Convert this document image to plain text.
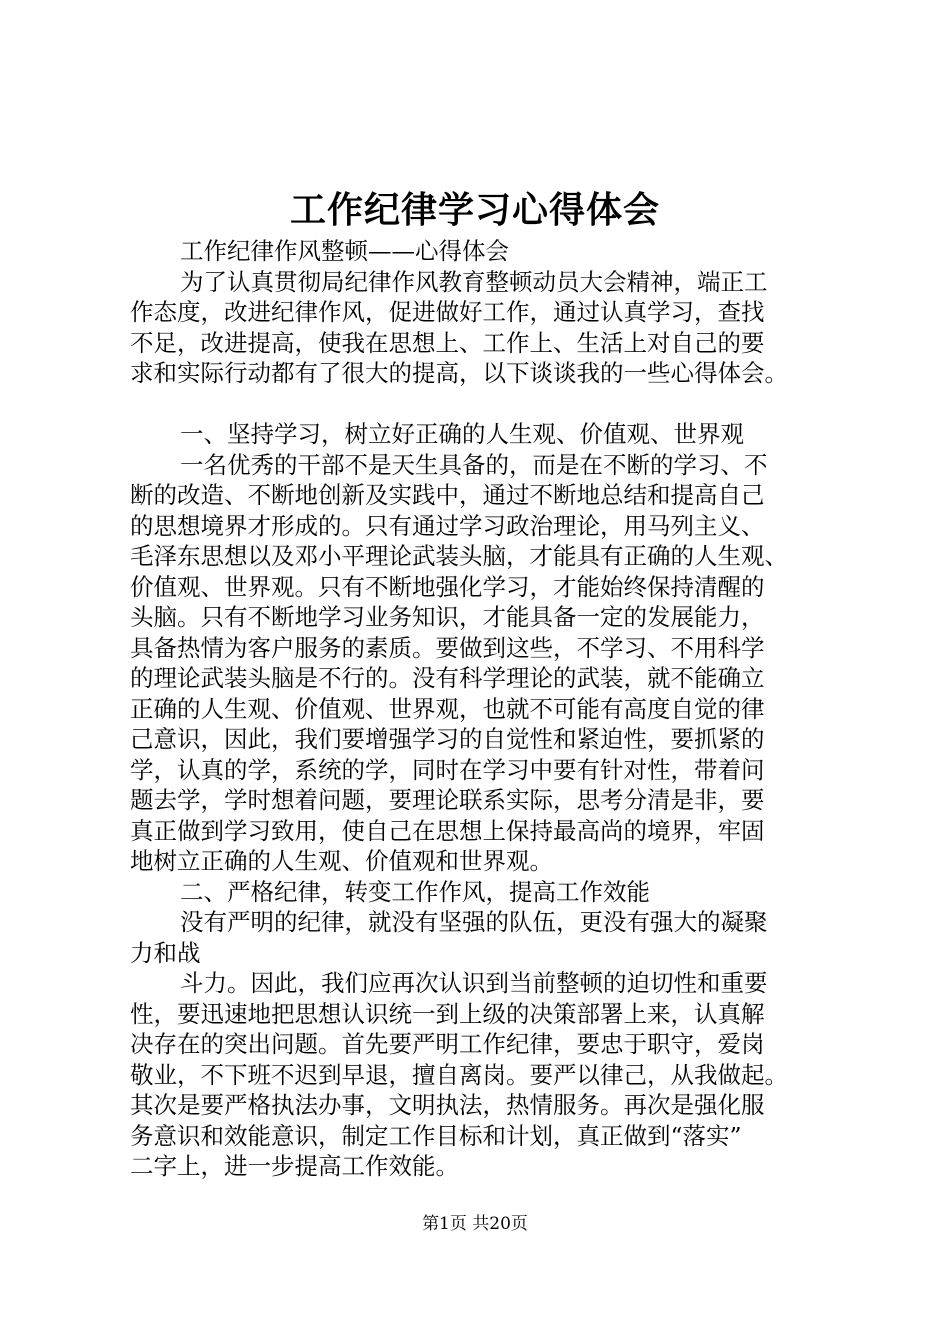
工作纪律学习心得体会
工作纪律作风整顿——心得体会
为了认真贯彻局纪律作风教育整顿动员大会精神，端正工
作态度，改进纪律作风，促进做好工作，通过认真学习，查找
不足，改进提高，使我在思想上、工作上、生活上对自己的要
求和实际行动都有了很大的提高，以下谈谈我的一些心得体会。
一、坚持学习，树立好正确的人生观、价值观、世界观
一名优秀的干部不是天生具备的，而是在不断的学习、不
断的改造、不断地创新及实践中，通过不断地总结和提高自己
的思想境界才形成的。只有通过学习政治理论，用马列主义、
毛泽东思想以及邓小平理论武装头脑，才能具有正确的人生观、
价值观、世界观。只有不断地强化学习，才能始终保持清醒的
头脑。只有不断地学习业务知识，才能具备一定的发展能力，
具备热情为客户服务的素质。要做到这些，不学习、不用科学
的理论武装头脑是不行的。没有科学理论的武装，就不能确立
正确的人生观、价值观、世界观，也就不可能有高度自觉的律
己意识，因此，我们要增强学习的自觉性和紧迫性，要抓紧的
学，认真的学，系统的学，同时在学习中要有针对性，带着问
题去学，学时想着问题，要理论联系实际，思考分清是非，要
真正做到学习致用，使自己在思想上保持最高尚的境界，牢固
地树立正确的人生观、价值观和世界观。
二、严格纪律，转变工作作风，提高工作效能
没有严明的纪律，就没有坚强的队伍，更没有强大的凝聚
力和战
斗力。因此，我们应再次认识到当前整顿的迫切性和重要
性，要迅速地把思想认识统一到上级的决策部署上来，认真解
决存在的突出问题。首先要严明工作纪律，要忠于职守，爱岗
敬业，不下班不迟到早退，擅自离岗。要严以律己，从我做起。
其次是要严格执法办事，文明执法，热情服务。再次是强化服
务意识和效能意识，制定工作目标和计划，真正做到“落实”
二字上，进一步提高工作效能。
第1页 共20页
